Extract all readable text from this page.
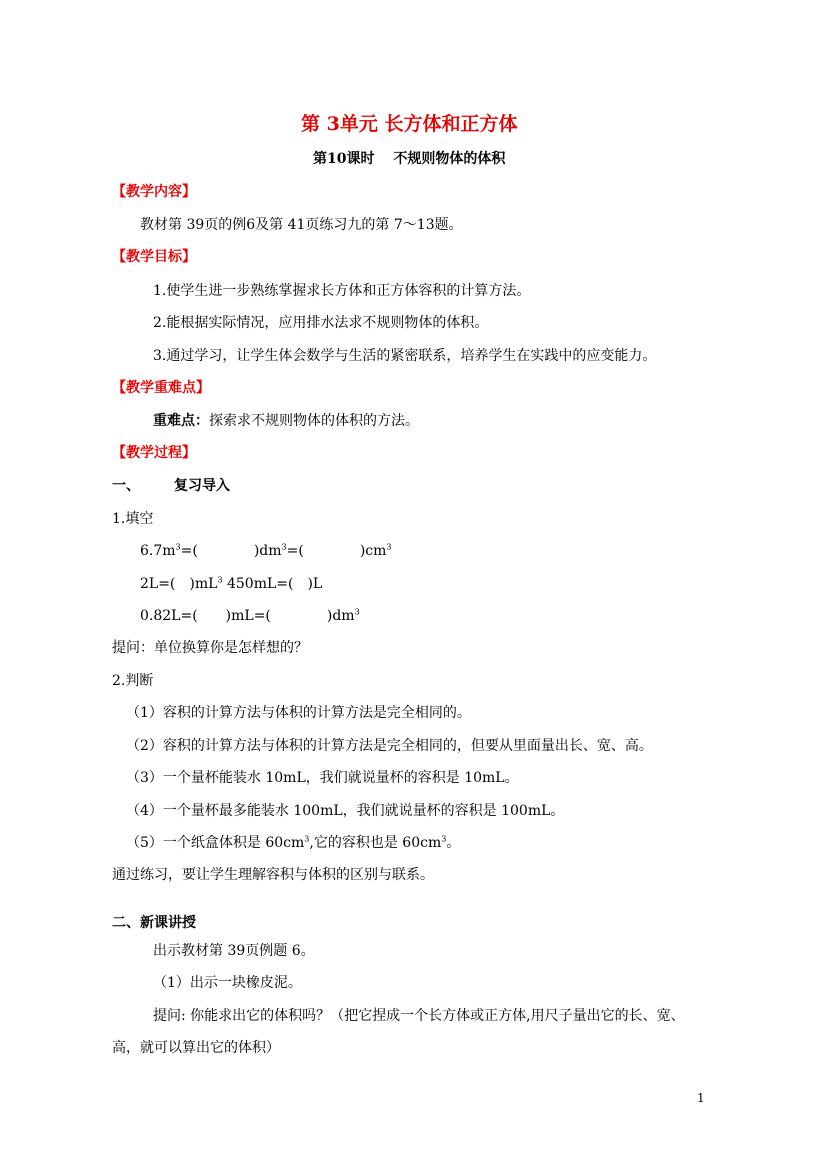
第 3单元 长方体和正方体
第10课时　 不规则物体的体积
【教学内容】
教材第 39页的例6及第 41页练习九的第 7～13题。
【教学目标】
1.使学生进一步熟练掌握求长方体和正方体容积的计算方法。
2.能根据实际情况，应用排水法求不规则物体的体积。
3.通过学习，让学生体会数学与生活的紧密联系，培养学生在实践中的应变能力。
【教学重难点】
重难点：探索求不规则物体的体积的方法。
【教学过程】
一、 复习导入
1.填空
$6.7m^3=$(　　　　)$dm^3=$(　　　　)$cm^3$
2L=(　)$mL^3$ 450mL=(　)L
0.82L=(　　)mL=(　　　　)$dm^3$
提问：单位换算你是怎样想的？
2.判断
（1）容积的计算方法与体积的计算方法是完全相同的。
（2）容积的计算方法与体积的计算方法是完全相同的，但要从里面量出长、宽、高。
（3）一个量杯能装水 10mL，我们就说量杯的容积是 10mL。
（4）一个量杯最多能装水 100mL，我们就说量杯的容积是 100mL。
（5）一个纸盒体积是 $60cm^3$,它的容积也是 $60cm^3$。
通过练习，要让学生理解容积与体积的区别与联系。
二、新课讲授
出示教材第 39页例题 6。
（1）出示一块橡皮泥。
提问: 你能求出它的体积吗？（把它捏成一个长方体或正方体,用尺子量出它的长、宽、
高，就可以算出它的体积）
1
